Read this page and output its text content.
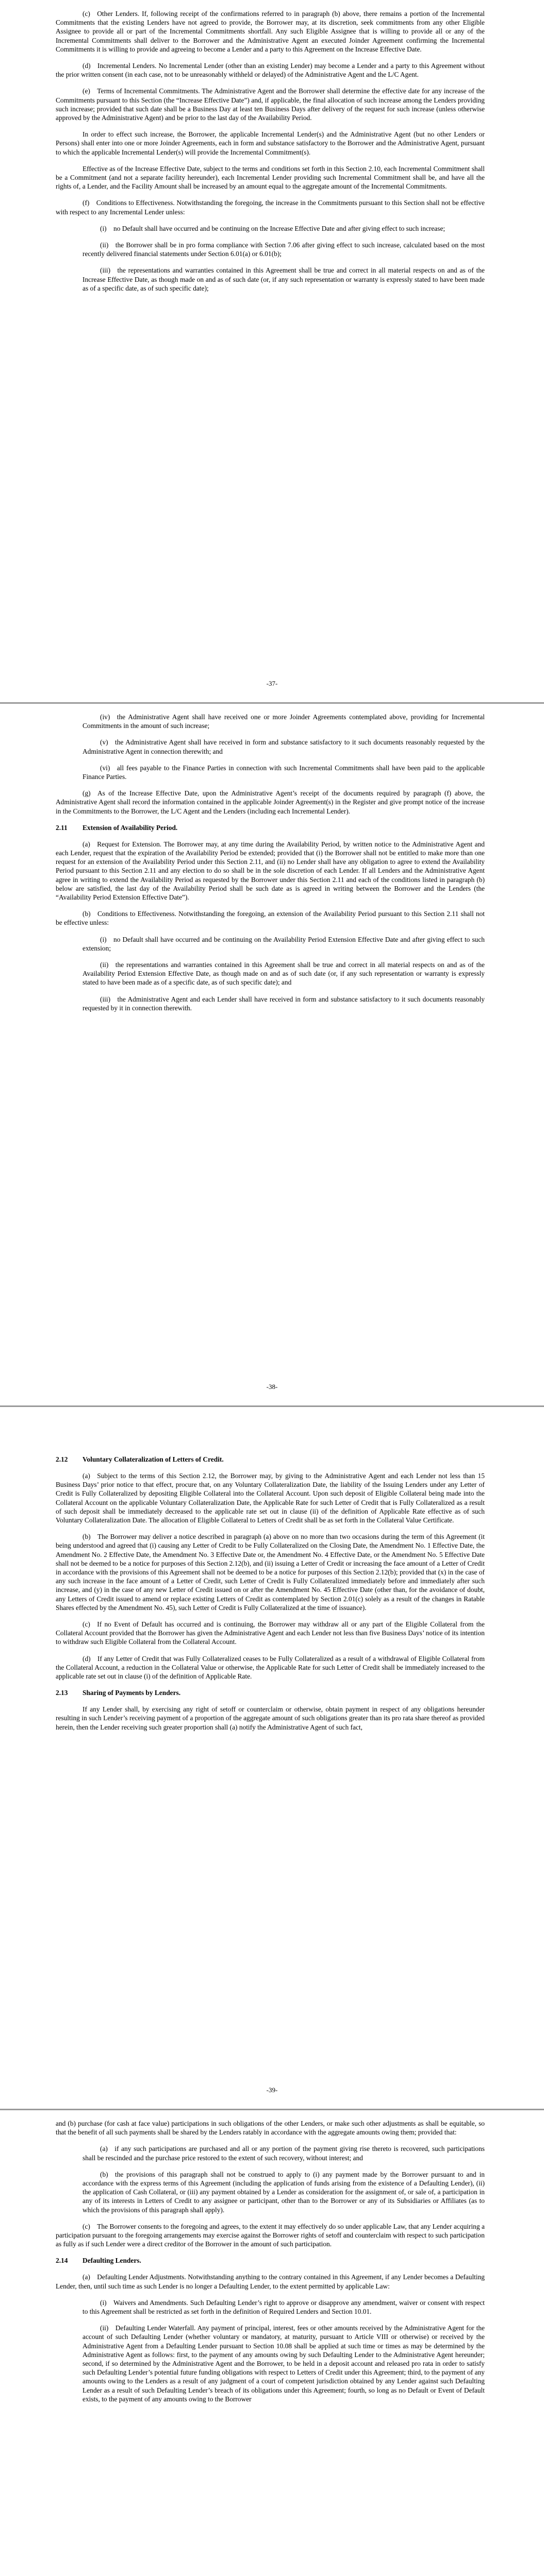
(c) Other Lenders. If, following receipt of the confirmations referred to in paragraph (b) above, there remains a portion of the Incremental Commitments that the existing Lenders have not agreed to provide, the Borrower may, at its discretion, seek commitments from any other Eligible Assignee to provide all or part of the Incremental Commitments shortfall. Any such Eligible Assignee that is willing to provide all or any of the Incremental Commitments shall deliver to the Borrower and the Administrative Agent an executed Joinder Agreement confirming the Incremental Commitments it is willing to provide and agreeing to become a Lender and a party to this Agreement on the Increase Effective Date.

(d) Incremental Lenders. No Incremental Lender (other than an existing Lender) may become a Lender and a party to this Agreement without the prior written consent (in each case, not to be unreasonably withheld or delayed) of the Administrative Agent and the L/C Agent.

(e) Terms of Incremental Commitments. The Administrative Agent and the Borrower shall determine the effective date for any increase of the Commitments pursuant to this Section (the “Increase Effective Date”) and, if applicable, the final allocation of such increase among the Lenders providing such increase; provided that such date shall be a Business Day at least ten Business Days after delivery of the request for such increase (unless otherwise approved by the Administrative Agent) and be prior to the last day of the Availability Period.

In order to effect such increase, the Borrower, the applicable Incremental Lender(s) and the Administrative Agent (but no other Lenders or Persons) shall enter into one or more Joinder Agreements, each in form and substance satisfactory to the Borrower and the Administrative Agent, pursuant to which the applicable Incremental Lender(s) will provide the Incremental Commitment(s).

Effective as of the Increase Effective Date, subject to the terms and conditions set forth in this Section 2.10, each Incremental Commitment shall be a Commitment (and not a separate facility hereunder), each Incremental Lender providing such Incremental Commitment shall be, and have all the rights of, a Lender, and the Facility Amount shall be increased by an amount equal to the aggregate amount of the Incremental Commitments.

(f) Conditions to Effectiveness. Notwithstanding the foregoing, the increase in the Commitments pursuant to this Section shall not be effective with respect to any Incremental Lender unless:

(i) no Default shall have occurred and be continuing on the Increase Effective Date and after giving effect to such increase;

(ii) the Borrower shall be in pro forma compliance with Section 7.06 after giving effect to such increase, calculated based on the most recently delivered financial statements under Section 6.01(a) or 6.01(b);

(iii) the representations and warranties contained in this Agreement shall be true and correct in all material respects on and as of the Increase Effective Date, as though made on and as of such date (or, if any such representation or warranty is expressly stated to have been made as of a specific date, as of such specific date);

-37-

(iv) the Administrative Agent shall have received one or more Joinder Agreements contemplated above, providing for Incremental Commitments in the amount of such increase;

(v) the Administrative Agent shall have received in form and substance satisfactory to it such documents reasonably requested by the Administrative Agent in connection therewith; and

(vi) all fees payable to the Finance Parties in connection with such Incremental Commitments shall have been paid to the applicable Finance Parties.

(g) As of the Increase Effective Date, upon the Administrative Agent’s receipt of the documents required by paragraph (f) above, the Administrative Agent shall record the information contained in the applicable Joinder Agreement(s) in the Register and give prompt notice of the increase in the Commitments to the Borrower, the L/C Agent and the Lenders (including each Incremental Lender).

2.11 Extension of Availability Period.

(a) Request for Extension. The Borrower may, at any time during the Availability Period, by written notice to the Administrative Agent and each Lender, request that the expiration of the Availability Period be extended; provided that (i) the Borrower shall not be entitled to make more than one request for an extension of the Availability Period under this Section 2.11, and (ii) no Lender shall have any obligation to agree to extend the Availability Period pursuant to this Section 2.11 and any election to do so shall be in the sole discretion of each Lender. If all Lenders and the Administrative Agent agree in writing to extend the Availability Period as requested by the Borrower under this Section 2.11 and each of the conditions listed in paragraph (b) below are satisfied, the last day of the Availability Period shall be such date as is agreed in writing between the Borrower and the Lenders (the “Availability Period Extension Effective Date”).

(b) Conditions to Effectiveness. Notwithstanding the foregoing, an extension of the Availability Period pursuant to this Section 2.11 shall not be effective unless:

(i) no Default shall have occurred and be continuing on the Availability Period Extension Effective Date and after giving effect to such extension;

(ii) the representations and warranties contained in this Agreement shall be true and correct in all material respects on and as of the Availability Period Extension Effective Date, as though made on and as of such date (or, if any such representation or warranty is expressly stated to have been made as of a specific date, as of such specific date); and

(iii) the Administrative Agent and each Lender shall have received in form and substance satisfactory to it such documents reasonably requested by it in connection therewith.

-38-
2.12 Voluntary Collateralization of Letters of Credit.

(a) Subject to the terms of this Section 2.12, the Borrower may, by giving to the Administrative Agent and each Lender not less than 15 Business Days’ prior notice to that effect, procure that, on any Voluntary Collateralization Date, the liability of the Issuing Lenders under any Letter of Credit is Fully Collateralized by depositing Eligible Collateral into the Collateral Account. Upon such deposit of Eligible Collateral being made into the Collateral Account on the applicable Voluntary Collateralization Date, the Applicable Rate for such Letter of Credit that is Fully Collateralized as a result of such deposit shall be immediately decreased to the applicable rate set out in clause (ii) of the definition of Applicable Rate effective as of such Voluntary Collateralization Date. The allocation of Eligible Collateral to Letters of Credit shall be as set forth in the Collateral Value Certificate.

(b) The Borrower may deliver a notice described in paragraph (a) above on no more than two occasions during the term of this Agreement (it being understood and agreed that (i) causing any Letter of Credit to be Fully Collateralized on the Closing Date, the Amendment No. 1 Effective Date, the Amendment No. 2 Effective Date, the Amendment No. 3 Effective Date or, the Amendment No. 4 Effective Date, or the Amendment No. 5 Effective Date shall not be deemed to be a notice for purposes of this Section 2.12(b), and (ii) issuing a Letter of Credit or increasing the face amount of a Letter of Credit in accordance with the provisions of this Agreement shall not be deemed to be a notice for purposes of this Section 2.12(b); provided that (x) in the case of any such increase in the face amount of a Letter of Credit, such Letter of Credit is Fully Collateralized immediately before and immediately after such increase, and (y) in the case of any new Letter of Credit issued on or after the Amendment No. 45 Effective Date (other than, for the avoidance of doubt, any Letters of Credit issued to amend or replace existing Letters of Credit as contemplated by Section 2.01(c) solely as a result of the changes in Ratable Shares effected by the Amendment No. 45), such Letter of Credit is Fully Collateralized at the time of issuance).

(c) If no Event of Default has occurred and is continuing, the Borrower may withdraw all or any part of the Eligible Collateral from the Collateral Account provided that the Borrower has given the Administrative Agent and each Lender not less than five Business Days’ notice of its intention to withdraw such Eligible Collateral from the Collateral Account.

(d) If any Letter of Credit that was Fully Collateralized ceases to be Fully Collateralized as a result of a withdrawal of Eligible Collateral from the Collateral Account, a reduction in the Collateral Value or otherwise, the Applicable Rate for such Letter of Credit shall be immediately increased to the applicable rate set out in clause (i) of the definition of Applicable Rate.

2.13 Sharing of Payments by Lenders.

If any Lender shall, by exercising any right of setoff or counterclaim or otherwise, obtain payment in respect of any obligations hereunder resulting in such Lender’s receiving payment of a proportion of the aggregate amount of such obligations greater than its pro rata share thereof as provided herein, then the Lender receiving such greater proportion shall (a) notify the Administrative Agent of such fact,

-39-

and (b) purchase (for cash at face value) participations in such obligations of the other Lenders, or make such other adjustments as shall be equitable, so that the benefit of all such payments shall be shared by the Lenders ratably in accordance with the aggregate amounts owing them; provided that:

(a) if any such participations are purchased and all or any portion of the payment giving rise thereto is recovered, such participations shall be rescinded and the purchase price restored to the extent of such recovery, without interest; and

(b) the provisions of this paragraph shall not be construed to apply to (i) any payment made by the Borrower pursuant to and in accordance with the express terms of this Agreement (including the application of funds arising from the existence of a Defaulting Lender), (ii) the application of Cash Collateral, or (iii) any payment obtained by a Lender as consideration for the assignment of, or sale of, a participation in any of its interests in Letters of Credit to any assignee or participant, other than to the Borrower or any of its Subsidiaries or Affiliates (as to which the provisions of this paragraph shall apply).

(c) The Borrower consents to the foregoing and agrees, to the extent it may effectively do so under applicable Law, that any Lender acquiring a participation pursuant to the foregoing arrangements may exercise against the Borrower rights of setoff and counterclaim with respect to such participation as fully as if such Lender were a direct creditor of the Borrower in the amount of such participation.

2.14 Defaulting Lenders.

(a) Defaulting Lender Adjustments. Notwithstanding anything to the contrary contained in this Agreement, if any Lender becomes a Defaulting Lender, then, until such time as such Lender is no longer a Defaulting Lender, to the extent permitted by applicable Law:

(i) Waivers and Amendments. Such Defaulting Lender’s right to approve or disapprove any amendment, waiver or consent with respect to this Agreement shall be restricted as set forth in the definition of Required Lenders and Section 10.01.

(ii) Defaulting Lender Waterfall. Any payment of principal, interest, fees or other amounts received by the Administrative Agent for the account of such Defaulting Lender (whether voluntary or mandatory, at maturity, pursuant to Article VIII or otherwise) or received by the Administrative Agent from a Defaulting Lender pursuant to Section 10.08 shall be applied at such time or times as may be determined by the Administrative Agent as follows: first, to the payment of any amounts owing by such Defaulting Lender to the Administrative Agent hereunder; second, if so determined by the Administrative Agent and the Borrower, to be held in a deposit account and released pro rata in order to satisfy such Defaulting Lender’s potential future funding obligations with respect to Letters of Credit under this Agreement; third, to the payment of any amounts owing to the Lenders as a result of any judgment of a court of competent jurisdiction obtained by any Lender against such Defaulting Lender as a result of such Defaulting Lender’s breach of its obligations under this Agreement; fourth, so long as no Default or Event of Default exists, to the payment of any amounts owing to the Borrower
